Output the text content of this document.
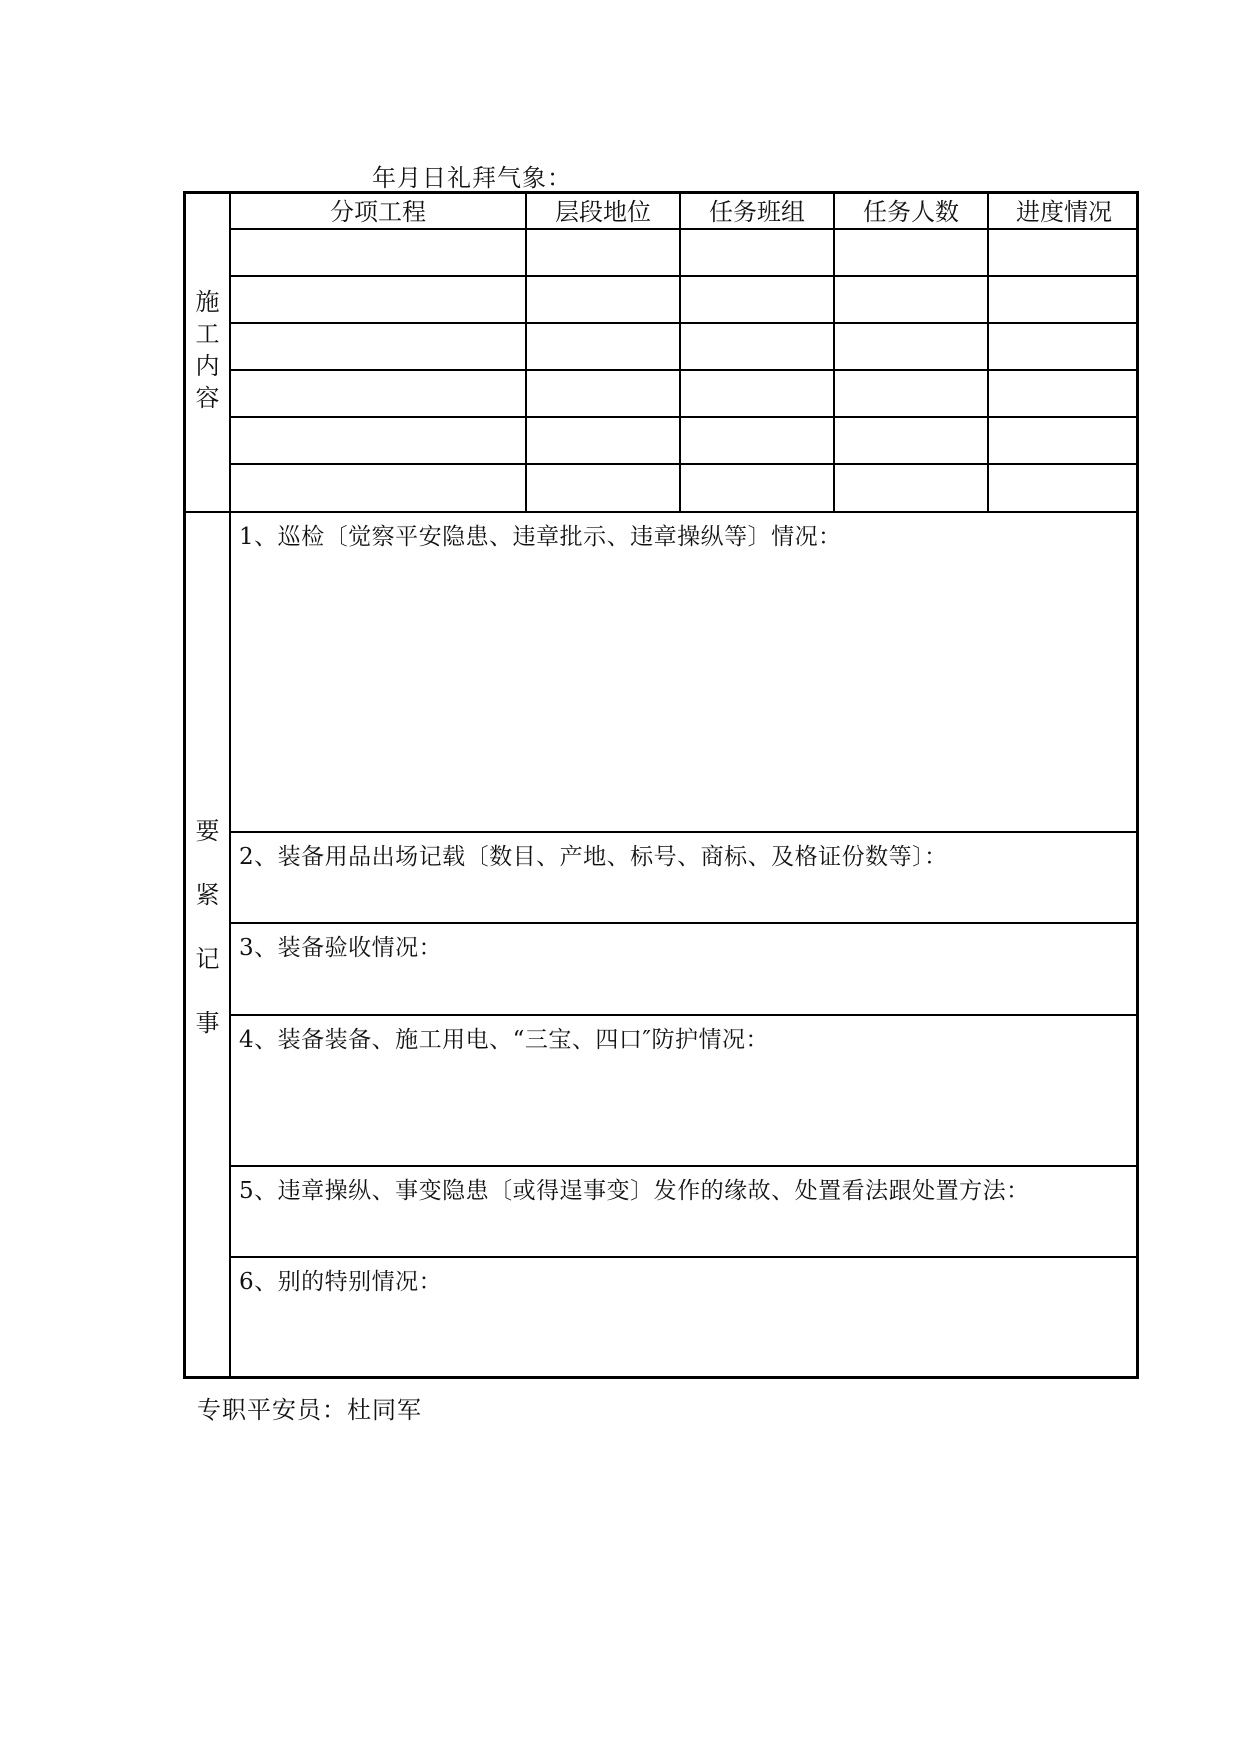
年月日礼拜气象：
施
工
内
容
分项工程	层段地位	任务班组	任务人数	进度情况
要
紧
记
事
1、巡检〔觉察平安隐患、违章批示、违章操纵等〕情况：
2、装备用品出场记载〔数目、产地、标号、商标、及格证份数等〕：
3、装备验收情况：
4、装备装备、施工用电、“三宝、四口″防护情况：
5、违章操纵、事变隐患〔或得逞事变〕发作的缘故、处置看法跟处置方法：
6、别的特别情况：
专职平安员：杜同军
